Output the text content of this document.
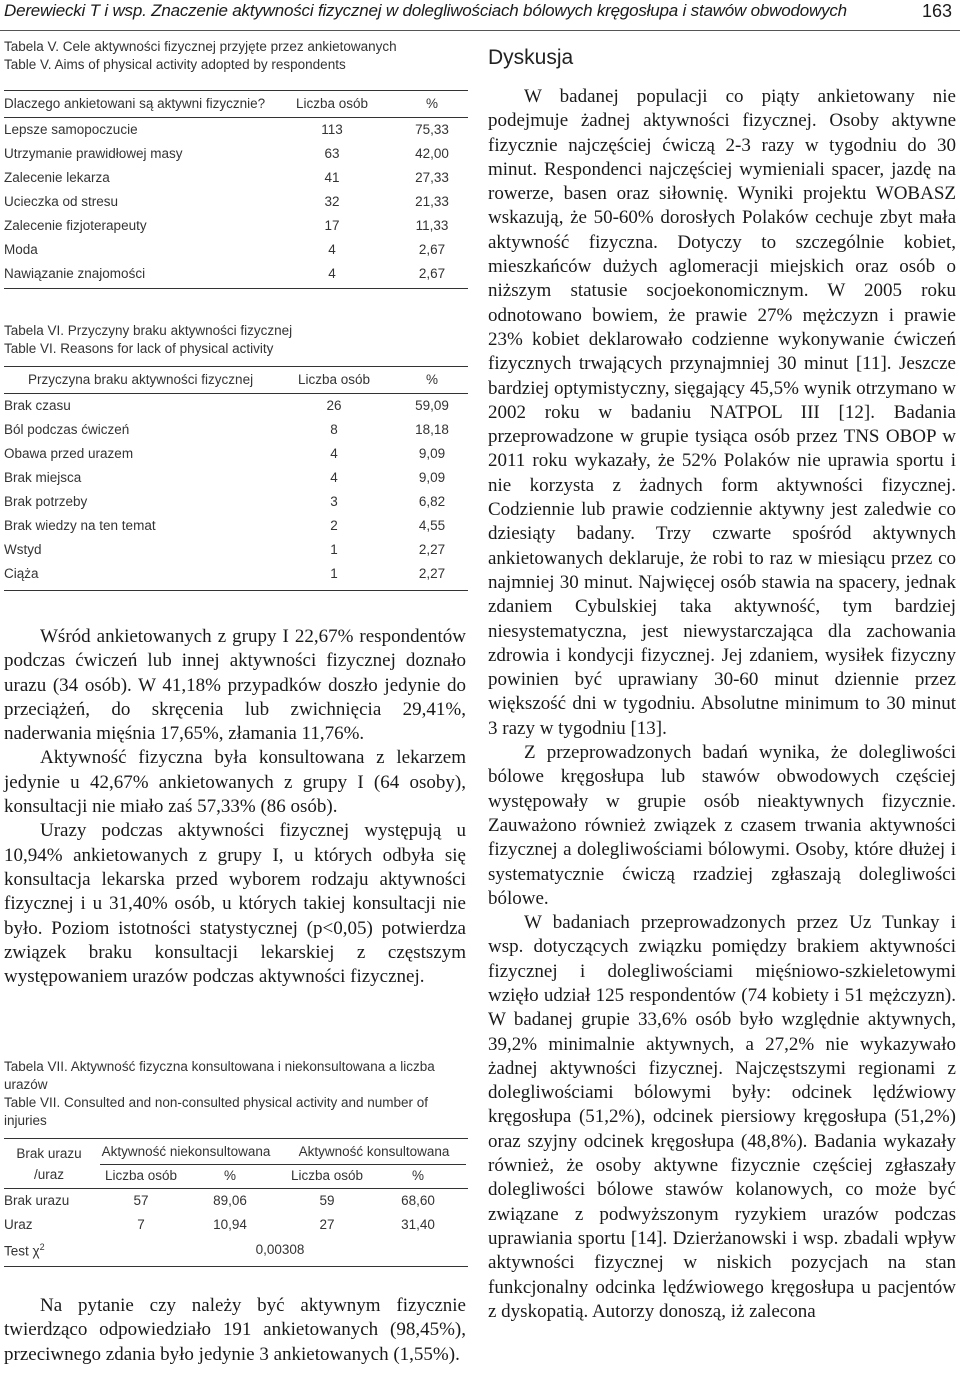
Derewiecki T i wsp. Znaczenie aktywności fizycznej w dolegliwościach bólowych kręgosłupa i stawów obwodowych	163
Tabela V. Cele aktywności fizycznej przyjęte przez ankietowanych
Table V. Aims of physical activity adopted by respondents
Dlaczego ankietowani są aktywni fizycznie?	Liczba osób	%
Lepsze samopoczucie	113	75,33
Utrzymanie prawidłowej masy	63	42,00
Zalecenie lekarza	41	27,33
Ucieczka od stresu	32	21,33
Zalecenie fizjoterapeuty	17	11,33
Moda	4	2,67
Nawiązanie znajomości	4	2,67
Tabela VI. Przyczyny braku aktywności fizycznej
Table VI. Reasons for lack of physical activity
Przyczyna braku aktywności fizycznej	Liczba osób	%
Brak czasu	26	59,09
Ból podczas ćwiczeń	8	18,18
Obawa przed urazem	4	9,09
Brak miejsca	4	9,09
Brak potrzeby	3	6,82
Brak wiedzy na ten temat	2	4,55
Wstyd	1	2,27
Ciąża	1	2,27

Wśród ankietowanych z grupy I 22,67% respondentów podczas ćwiczeń lub innej aktywności fizycznej doznało urazu (34 osób). W 41,18% przypadków doszło jedynie do przeciążeń, do skręcenia lub zwichnięcia 29,41%, naderwania mięśnia 17,65%, złamania 11,76%.

Aktywność fizyczna była konsultowana z lekarzem jedynie u 42,67% ankietowanych z grupy I (64 osoby), konsultacji nie miało zaś 57,33% (86 osób).

Urazy podczas aktywności fizycznej występują u 10,94% ankietowanych z grupy I, u których odbyła się konsultacja lekarska przed wyborem rodzaju aktywności fizycznej i u 31,40% osób, u których takiej konsultacji nie było. Poziom istotności statystycznej (p<0,05) potwierdza związek braku konsultacji lekarskiej z częstszym występowaniem urazów podczas aktywności fizycznej.

Tabela VII. Aktywność fizyczna konsultowana i niekonsultowana a liczba urazów
Table VII. Consulted and non-consulted physical activity and number of injuries
Brak urazu
/uraz
Aktywność niekonsultowana	Aktywność konsultowana
Liczba osób	%	Liczba osób	%
Brak urazu	57	89,06	59	68,60
Uraz	7	10,94	27	31,40
Test $\chi^2$	0,00308

Na pytanie czy należy być aktywnym fizycznie twierdząco odpowiedziało 191 ankietowanych (98,45%), przeciwnego zdania było jedynie 3 ankietowanych (1,55%).

Dyskusja

W badanej populacji co piąty ankietowany nie podejmuje żadnej aktywności fizycznej. Osoby aktywne fizycznie najczęściej ćwiczą 2-3 razy w tygodniu do 30 minut. Respondenci najczęściej wymieniali spacer, jazdę na rowerze, basen oraz siłownię. Wyniki projektu WOBASZ wskazują, że 50-60% dorosłych Polaków cechuje zbyt mała aktywność fizyczna. Dotyczy to szczególnie kobiet, mieszkańców dużych aglomeracji miejskich oraz osób o niższym statusie socjoekonomicznym. W 2005 roku odnotowano bowiem, że prawie 27% mężczyzn i prawie 23% kobiet deklarowało codzienne wykonywanie ćwiczeń fizycznych trwających przynajmniej 30 minut [11]. Jeszcze bardziej optymistyczny, sięgający 45,5% wynik otrzymano w 2002 roku w badaniu NATPOL III [12]. Badania przeprowadzone w grupie tysiąca osób przez TNS OBOP w 2011 roku wykazały, że 52% Polaków nie uprawia sportu i nie korzysta z żadnych form aktywności fizycznej. Codziennie lub prawie codziennie aktywny jest zaledwie co dziesiąty badany. Trzy czwarte spośród aktywnych ankietowanych deklaruje, że robi to raz w miesiącu przez co najmniej 30 minut. Najwięcej osób stawia na spacery, jednak zdaniem Cybulskiej taka aktywność, tym bardziej niesystematyczna, jest niewystarczająca dla zachowania zdrowia i kondycji fizycznej. Jej zdaniem, wysiłek fizyczny powinien być uprawiany 30-60 minut dziennie przez większość dni w tygodniu. Absolutne minimum to 30 minut 3 razy w tygodniu [13].

Z przeprowadzonych badań wynika, że dolegliwości bólowe kręgosłupa lub stawów obwodowych częściej występowały w grupie osób nieaktywnych fizycznie. Zauważono również związek z czasem trwania aktywności fizycznej a dolegliwościami bólowymi. Osoby, które dłużej i systematycznie ćwiczą rzadziej zgłaszają dolegliwości bólowe.

W badaniach przeprowadzonych przez Uz Tunkay i wsp. dotyczących związku pomiędzy brakiem aktywności fizycznej i dolegliwościami mięśniowo-szkieletowymi wzięło udział 125 respondentów (74 kobiety i 51 mężczyzn). W badanej grupie 33,6% osób było względnie aktywnych, 39,2% minimalnie aktywnych, a 27,2% nie wykazywało żadnej aktywności fizycznej. Najczęstszymi regionami z dolegliwościami bólowymi były: odcinek lędźwiowy kręgosłupa (51,2%), odcinek piersiowy kręgosłupa (51,2%) oraz szyjny odcinek kręgosłupa (48,8%). Badania wykazały również, że osoby aktywne fizycznie częściej zgłaszały dolegliwości bólowe stawów kolanowych, co może być związane z podwyższonym ryzykiem urazów podczas uprawiania sportu [14]. Dzierżanowski i wsp. zbadali wpływ aktywności fizycznej w niskich pozycjach na stan funkcjonalny odcinka lędźwiowego kręgosłupa u pacjentów z dyskopatią. Autorzy donoszą, iż zalecona
